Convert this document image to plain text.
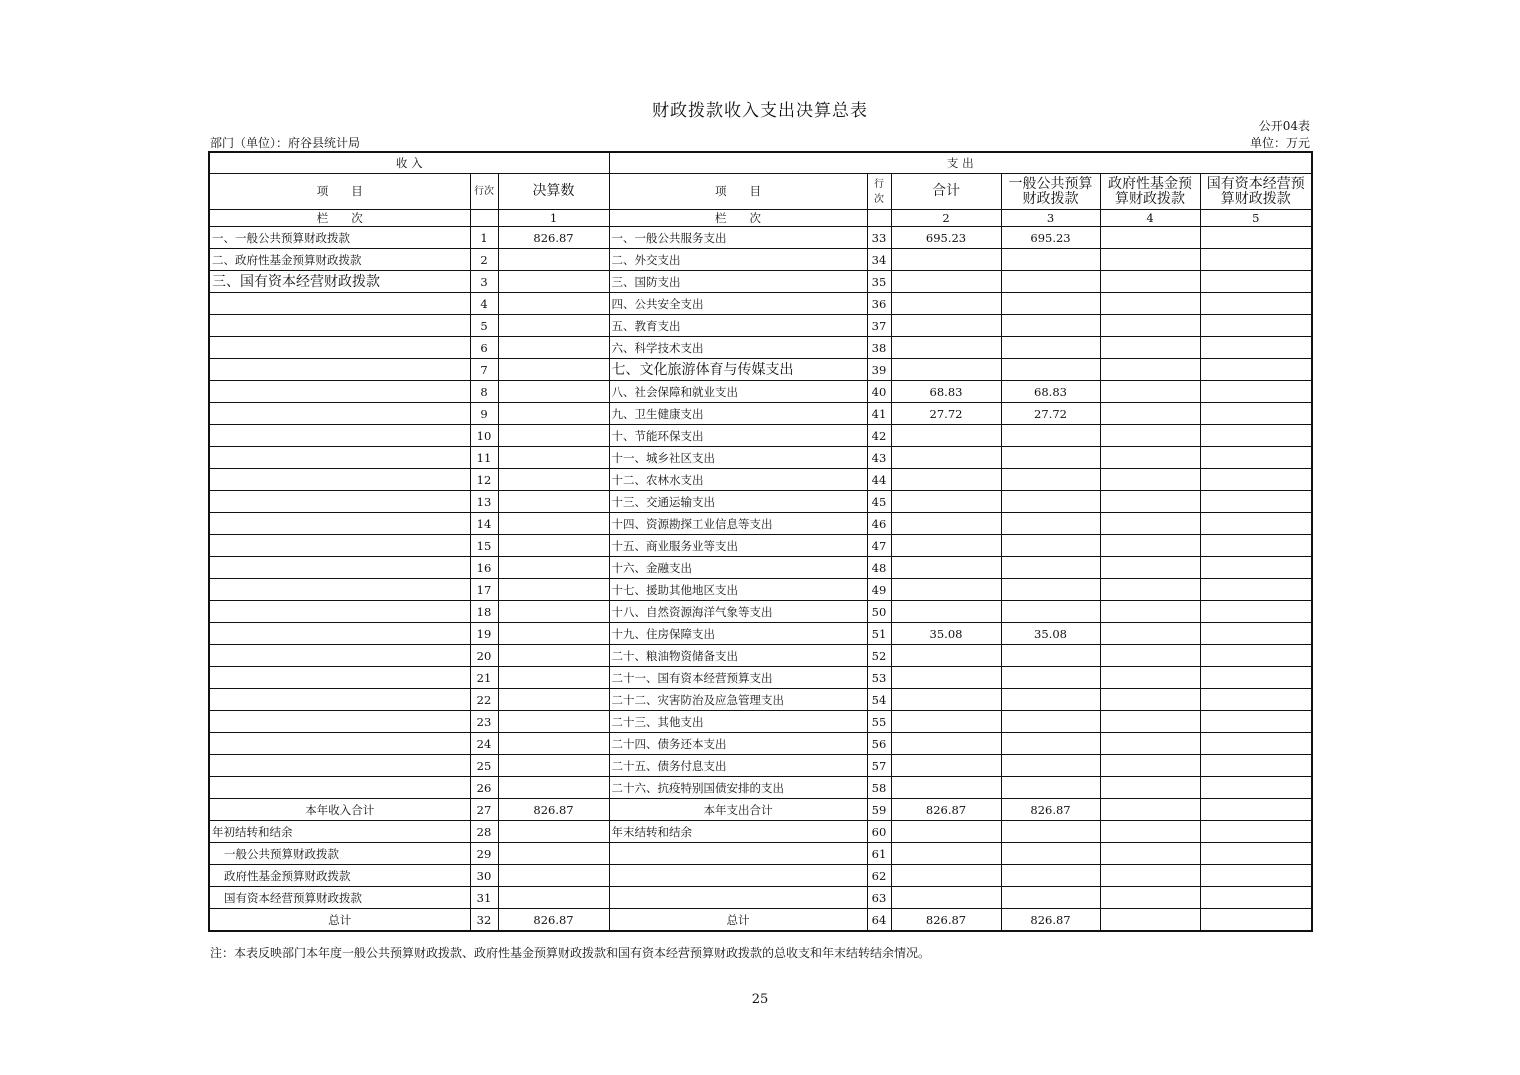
财政拨款收入支出决算总表
公开04表
部门（单位）：府谷县统计局	单位：万元
收 入			支 出					
项　　目	行次	决算数	项　　目	行次	合计	一般公共预算财政拨款	政府性基金预算财政拨款	国有资本经营预算财政拨款
栏　　次		1	栏　　次		2	3	4	5
一、一般公共预算财政拨款	1	826.87	一、一般公共服务支出	33	695.23	695.23		
二、政府性基金预算财政拨款	2		二、外交支出	34				
三、国有资本经营财政拨款	3		三、国防支出	35				
	4		四、公共安全支出	36				
	5		五、教育支出	37				
	6		六、科学技术支出	38				
	7		七、文化旅游体育与传媒支出	39				
	8		八、社会保障和就业支出	40	68.83	68.83		
	9		九、卫生健康支出	41	27.72	27.72		
	10		十、节能环保支出	42				
	11		十一、城乡社区支出	43				
	12		十二、农林水支出	44				
	13		十三、交通运输支出	45				
	14		十四、资源勘探工业信息等支出	46				
	15		十五、商业服务业等支出	47				
	16		十六、金融支出	48				
	17		十七、援助其他地区支出	49				
	18		十八、自然资源海洋气象等支出	50				
	19		十九、住房保障支出	51	35.08	35.08		
	20		二十、粮油物资储备支出	52				
	21		二十一、国有资本经营预算支出	53				
	22		二十二、灾害防治及应急管理支出	54				
	23		二十三、其他支出	55				
	24		二十四、债务还本支出	56				
	25		二十五、债务付息支出	57				
	26		二十六、抗疫特别国债安排的支出	58				
本年收入合计	27	826.87	本年支出合计	59	826.87	826.87		
年初结转和结余	28		年末结转和结余	60				
一般公共预算财政拨款	29			61				
政府性基金预算财政拨款	30			62				
国有资本经营预算财政拨款	31			63				
总计	32	826.87	总计	64	826.87	826.87		
注：本表反映部门本年度一般公共预算财政拨款、政府性基金预算财政拨款和国有资本经营预算财政拨款的总收支和年末结转结余情况。
25
